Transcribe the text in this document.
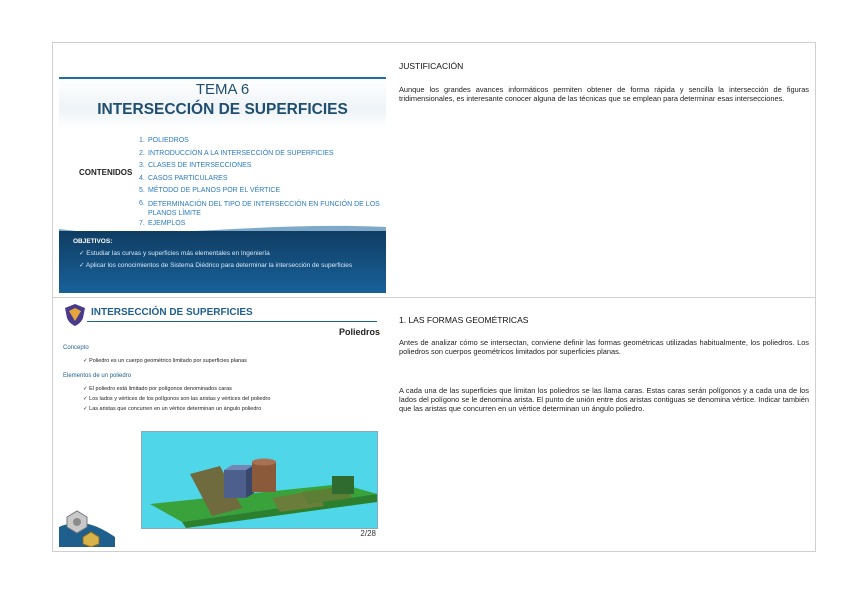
TEMA 6
INTERSECCIÓN DE SUPERFICIES
CONTENIDOS
1. POLIEDROS
2. INTRODUCCIÓN A LA INTERSECCIÓN DE SUPERFICIES
3. CLASES DE INTERSECCIONES
4. CASOS PARTICULARES
5. MÉTODO DE PLANOS POR EL VÉRTICE
6. DETERMINACIÓN DEL TIPO DE INTERSECCIÓN EN FUNCIÓN DE LOS PLANOS LÍMITE
7. EJEMPLOS
OBJETIVOS:
✓ Estudiar las curvas y superficies más elementales en Ingeniería
✓ Aplicar los conocimientos de Sistema Diédrico para determinar la intersección de superficies
JUSTIFICACIÓN
Aunque los grandes avances informáticos permiten obtener de forma rápida y sencilla la intersección de figuras tridimensionales, es interesante conocer alguna de las técnicas que se emplean para determinar esas intersecciones.
INTERSECCIÓN DE SUPERFICIES
Poliedros
Concepto
✓ Poliedro es un cuerpo geométrico limitado por superficies planas
Elementos de un poliedro
✓ El poliedro está limitado por polígonos denominados caras
✓ Los lados y vértices de los polígonos son las aristas y vértices del poliedro
✓ Las aristas que concurren en un vértice determinan un ángulo poliedro
2/28
1. LAS FORMAS GEOMÉTRICAS
Antes de analizar cómo se intersectan, conviene definir las formas geométricas utilizadas habitualmente, los poliedros. Los poliedros son cuerpos geométricos limitados por superficies planas.
A cada una de las superficies que limitan los poliedros se las llama caras. Estas caras serán polígonos y a cada una de los lados del polígono se le denomina arista. El punto de unión entre dos aristas contiguas se denomina vértice. Indicar también que las aristas que concurren en un vértice determinan un ángulo poliedro.
